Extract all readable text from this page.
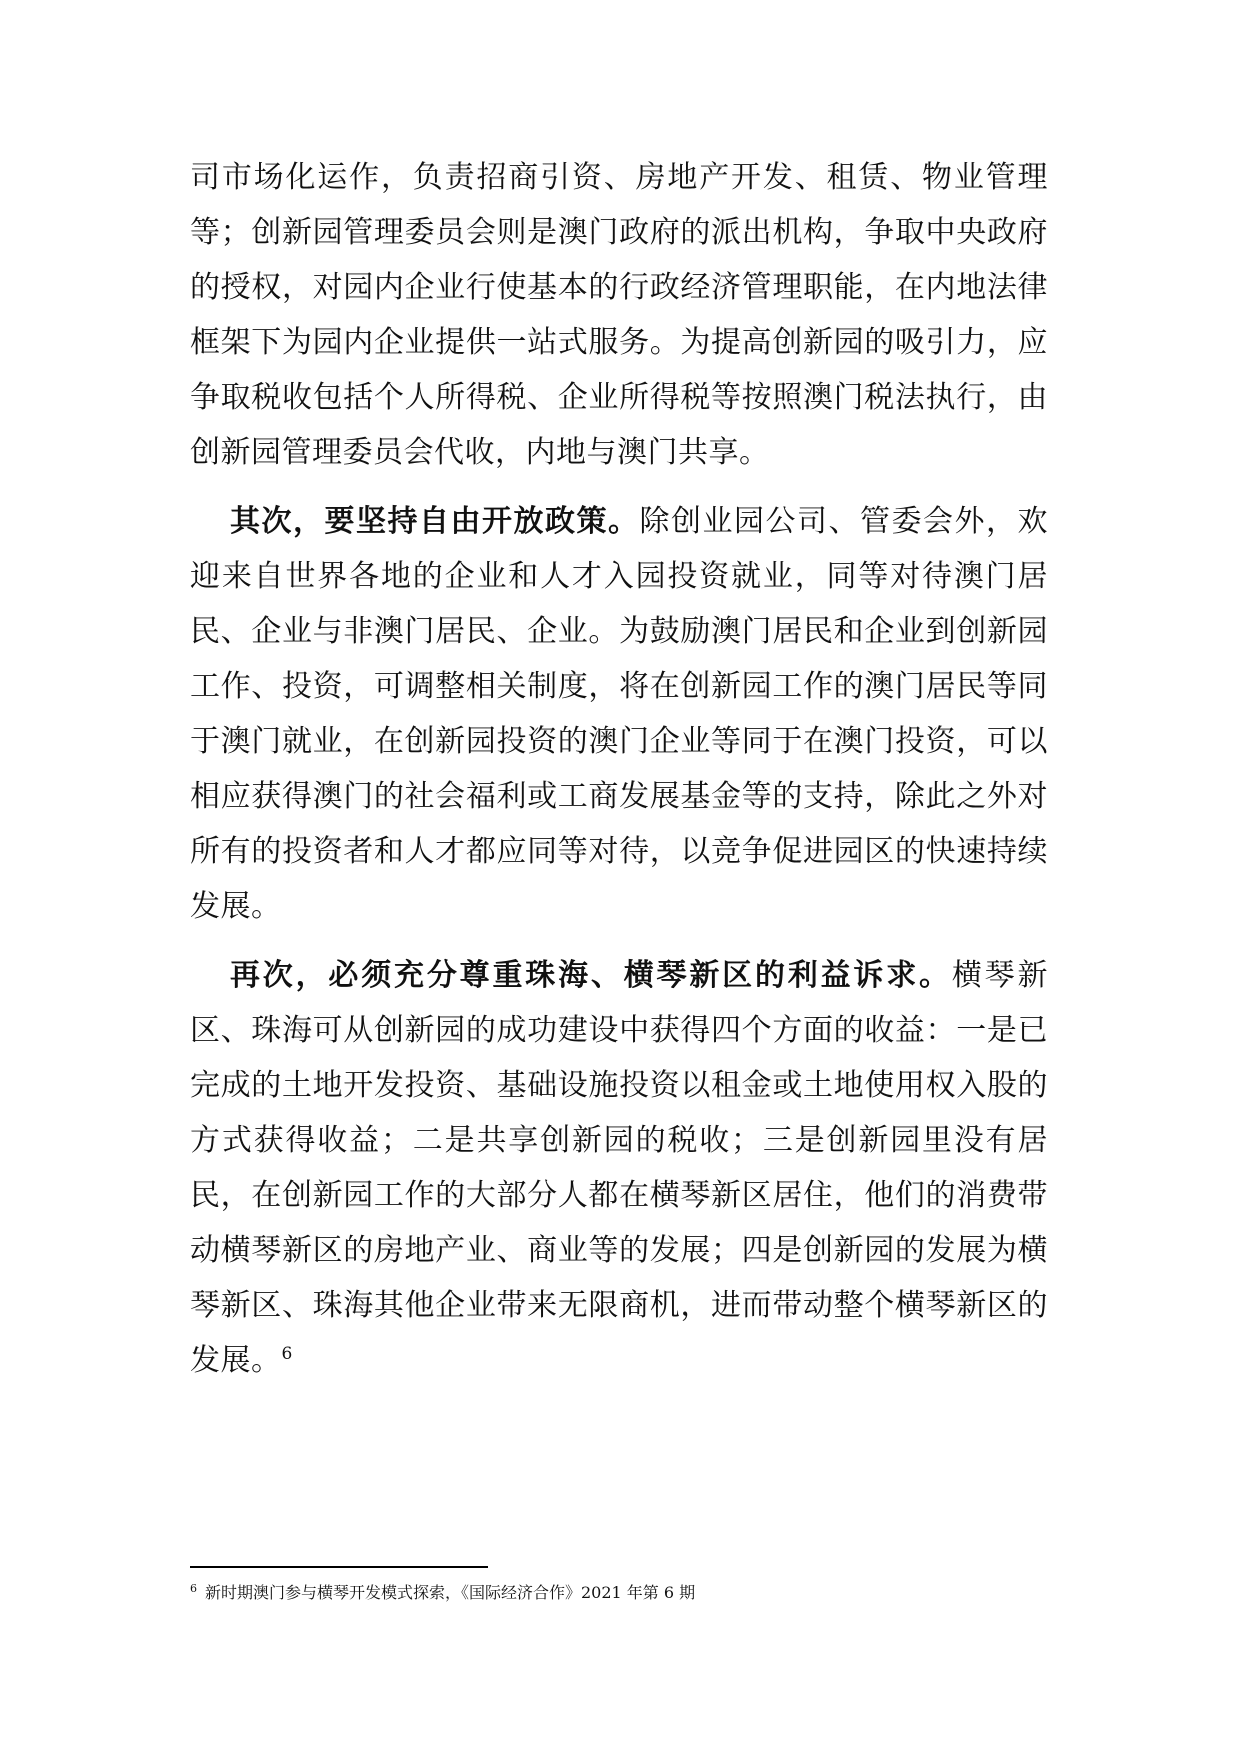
司市场化运作，负责招商引资、房地产开发、租赁、物业管理等；创新园管理委员会则是澳门政府的派出机构，争取中央政府的授权，对园内企业行使基本的行政经济管理职能，在内地法律框架下为园内企业提供一站式服务。为提高创新园的吸引力，应争取税收包括个人所得税、企业所得税等按照澳门税法执行，由创新园管理委员会代收，内地与澳门共享。

其次，要坚持自由开放政策。除创业园公司、管委会外，欢迎来自世界各地的企业和人才入园投资就业，同等对待澳门居民、企业与非澳门居民、企业。为鼓励澳门居民和企业到创新园工作、投资，可调整相关制度，将在创新园工作的澳门居民等同于澳门就业，在创新园投资的澳门企业等同于在澳门投资，可以相应获得澳门的社会福利或工商发展基金等的支持，除此之外对所有的投资者和人才都应同等对待，以竞争促进园区的快速持续发展。

再次，必须充分尊重珠海、横琴新区的利益诉求。横琴新区、珠海可从创新园的成功建设中获得四个方面的收益：一是已完成的土地开发投资、基础设施投资以租金或土地使用权入股的方式获得收益；二是共享创新园的税收；三是创新园里没有居民，在创新园工作的大部分人都在横琴新区居住，他们的消费带动横琴新区的房地产业、商业等的发展；四是创新园的发展为横琴新区、珠海其他企业带来无限商机，进而带动整个横琴新区的发展。$^6$

$^6$ 新时期澳门参与横琴开发模式探索，《国际经济合作》2021 年第 6 期
